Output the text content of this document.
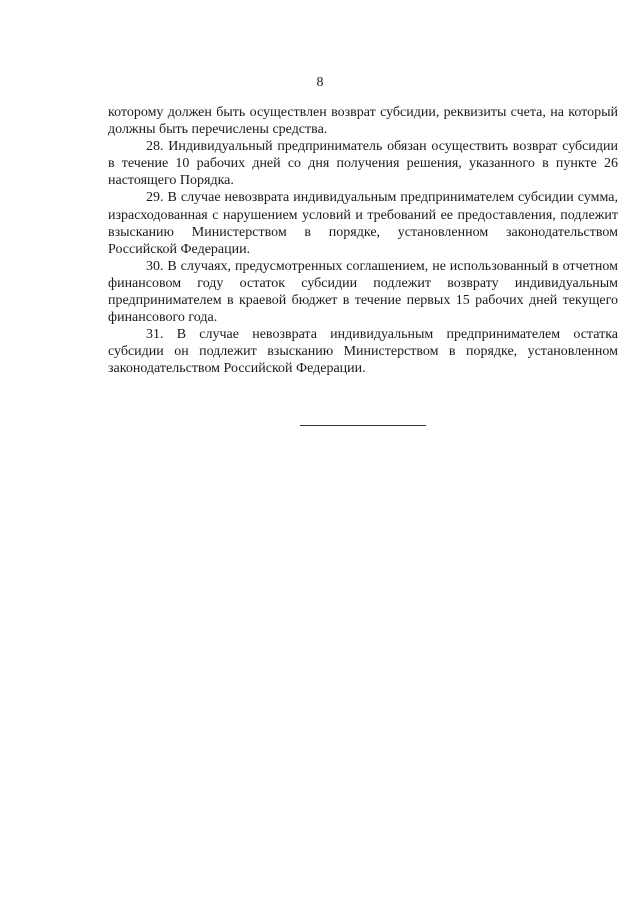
8

которому должен быть осуществлен возврат субсидии, реквизиты счета, на который должны быть перечислены средства.

28. Индивидуальный предприниматель обязан осуществить возврат субсидии в течение 10 рабочих дней со дня получения решения, указанного в пункте 26 настоящего Порядка.

29. В случае невозврата индивидуальным предпринимателем субсидии сумма, израсходованная с нарушением условий и требований ее предоставления, подлежит взысканию Министерством в порядке, установленном законодательством Российской Федерации.

30. В случаях, предусмотренных соглашением, не использованный в отчетном финансовом году остаток субсидии подлежит возврату индивидуальным предпринимателем в краевой бюджет в течение первых 15 рабочих дней текущего финансового года.

31. В случае невозврата индивидуальным предпринимателем остатка субсидии он подлежит взысканию Министерством в порядке, установленном законодательством Российской Федерации.
